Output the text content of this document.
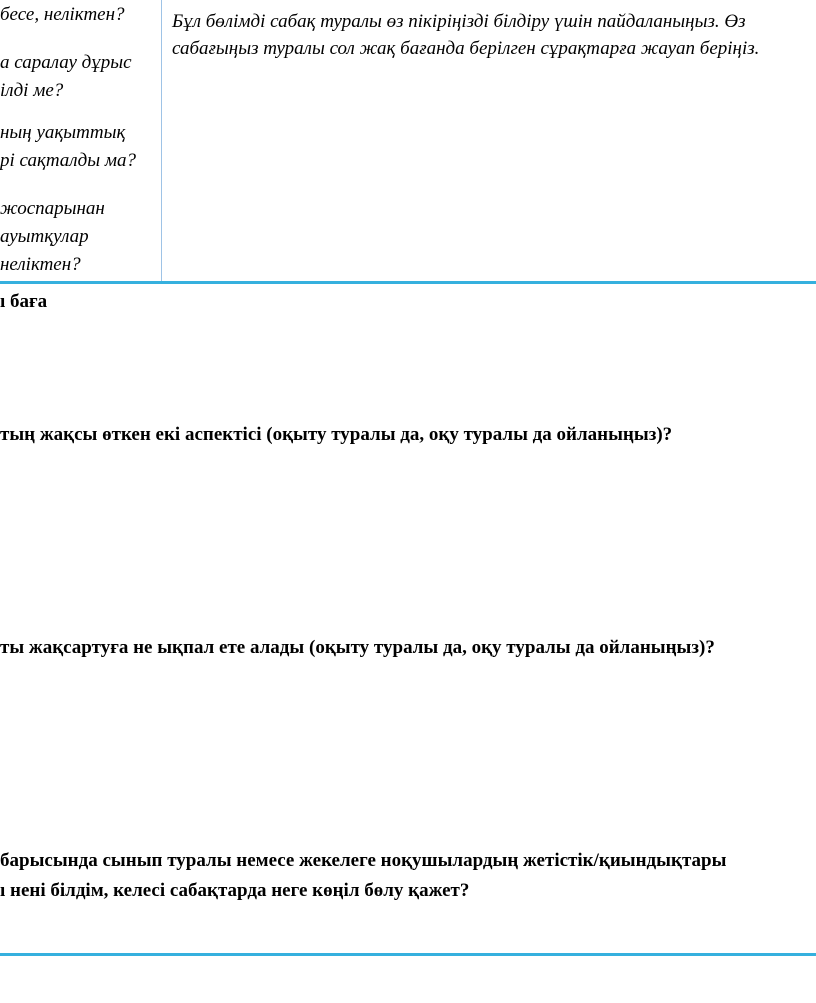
бесе, неліктен?
а саралау дұрыс
ілді ме?
ның уақыттық
рі сақталды ма?
жоспарынан
ауытқулар
неліктен?
Бұл бөлімді сабақ туралы өз пікіріңізді білдіру үшін пайдаланыңыз. Өз
сабағыңыз туралы сол жақ бағанда берілген сұрақтарға жауап беріңіз.
ı баға
тың жақсы өткен екі аспектісі (оқыту туралы да, оқу туралы да ойланыңыз)?
ты жақсартуға не ықпал ете алады (оқыту туралы да, оқу туралы да ойланыңыз)?
барысында сынып туралы немесе жекелеге ноқушылардың жетістік/қиындықтары
ı нені білдім, келесі сабақтарда неге көңіл бөлу қажет?
